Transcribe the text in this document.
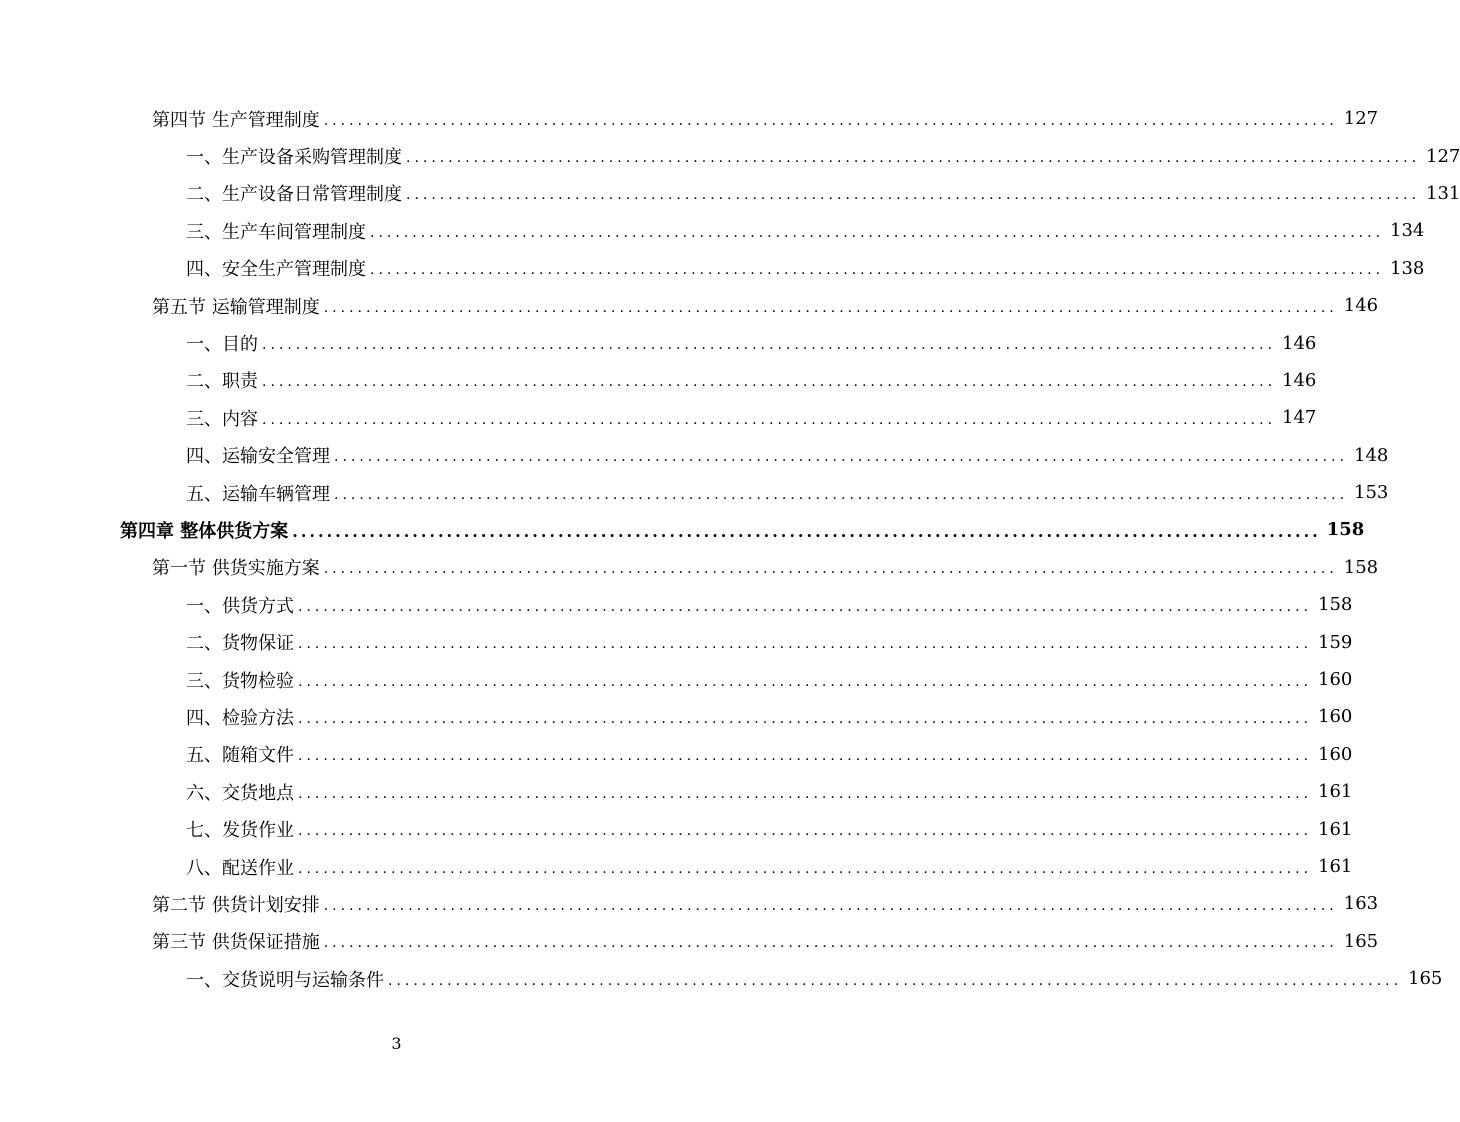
第四节 生产管理制度 ........................................................................................................................ 127
一、生产设备采购管理制度 ........................................................................................................................ 127
二、生产设备日常管理制度 ........................................................................................................................ 131
三、生产车间管理制度 ........................................................................................................................ 134
四、安全生产管理制度 ........................................................................................................................ 138
第五节 运输管理制度 ........................................................................................................................ 146
一、目的 ........................................................................................................................ 146
二、职责 ........................................................................................................................ 146
三、内容 ........................................................................................................................ 147
四、运输安全管理 ........................................................................................................................ 148
五、运输车辆管理 ........................................................................................................................ 153
第四章 整体供货方案 ........................................................................................................................ 158
第一节 供货实施方案 ........................................................................................................................ 158
一、供货方式 ........................................................................................................................ 158
二、货物保证 ........................................................................................................................ 159
三、货物检验 ........................................................................................................................ 160
四、检验方法 ........................................................................................................................ 160
五、随箱文件 ........................................................................................................................ 160
六、交货地点 ........................................................................................................................ 161
七、发货作业 ........................................................................................................................ 161
八、配送作业 ........................................................................................................................ 161
第二节 供货计划安排 ........................................................................................................................ 163
第三节 供货保证措施 ........................................................................................................................ 165
一、交货说明与运输条件 ........................................................................................................................ 165
3
